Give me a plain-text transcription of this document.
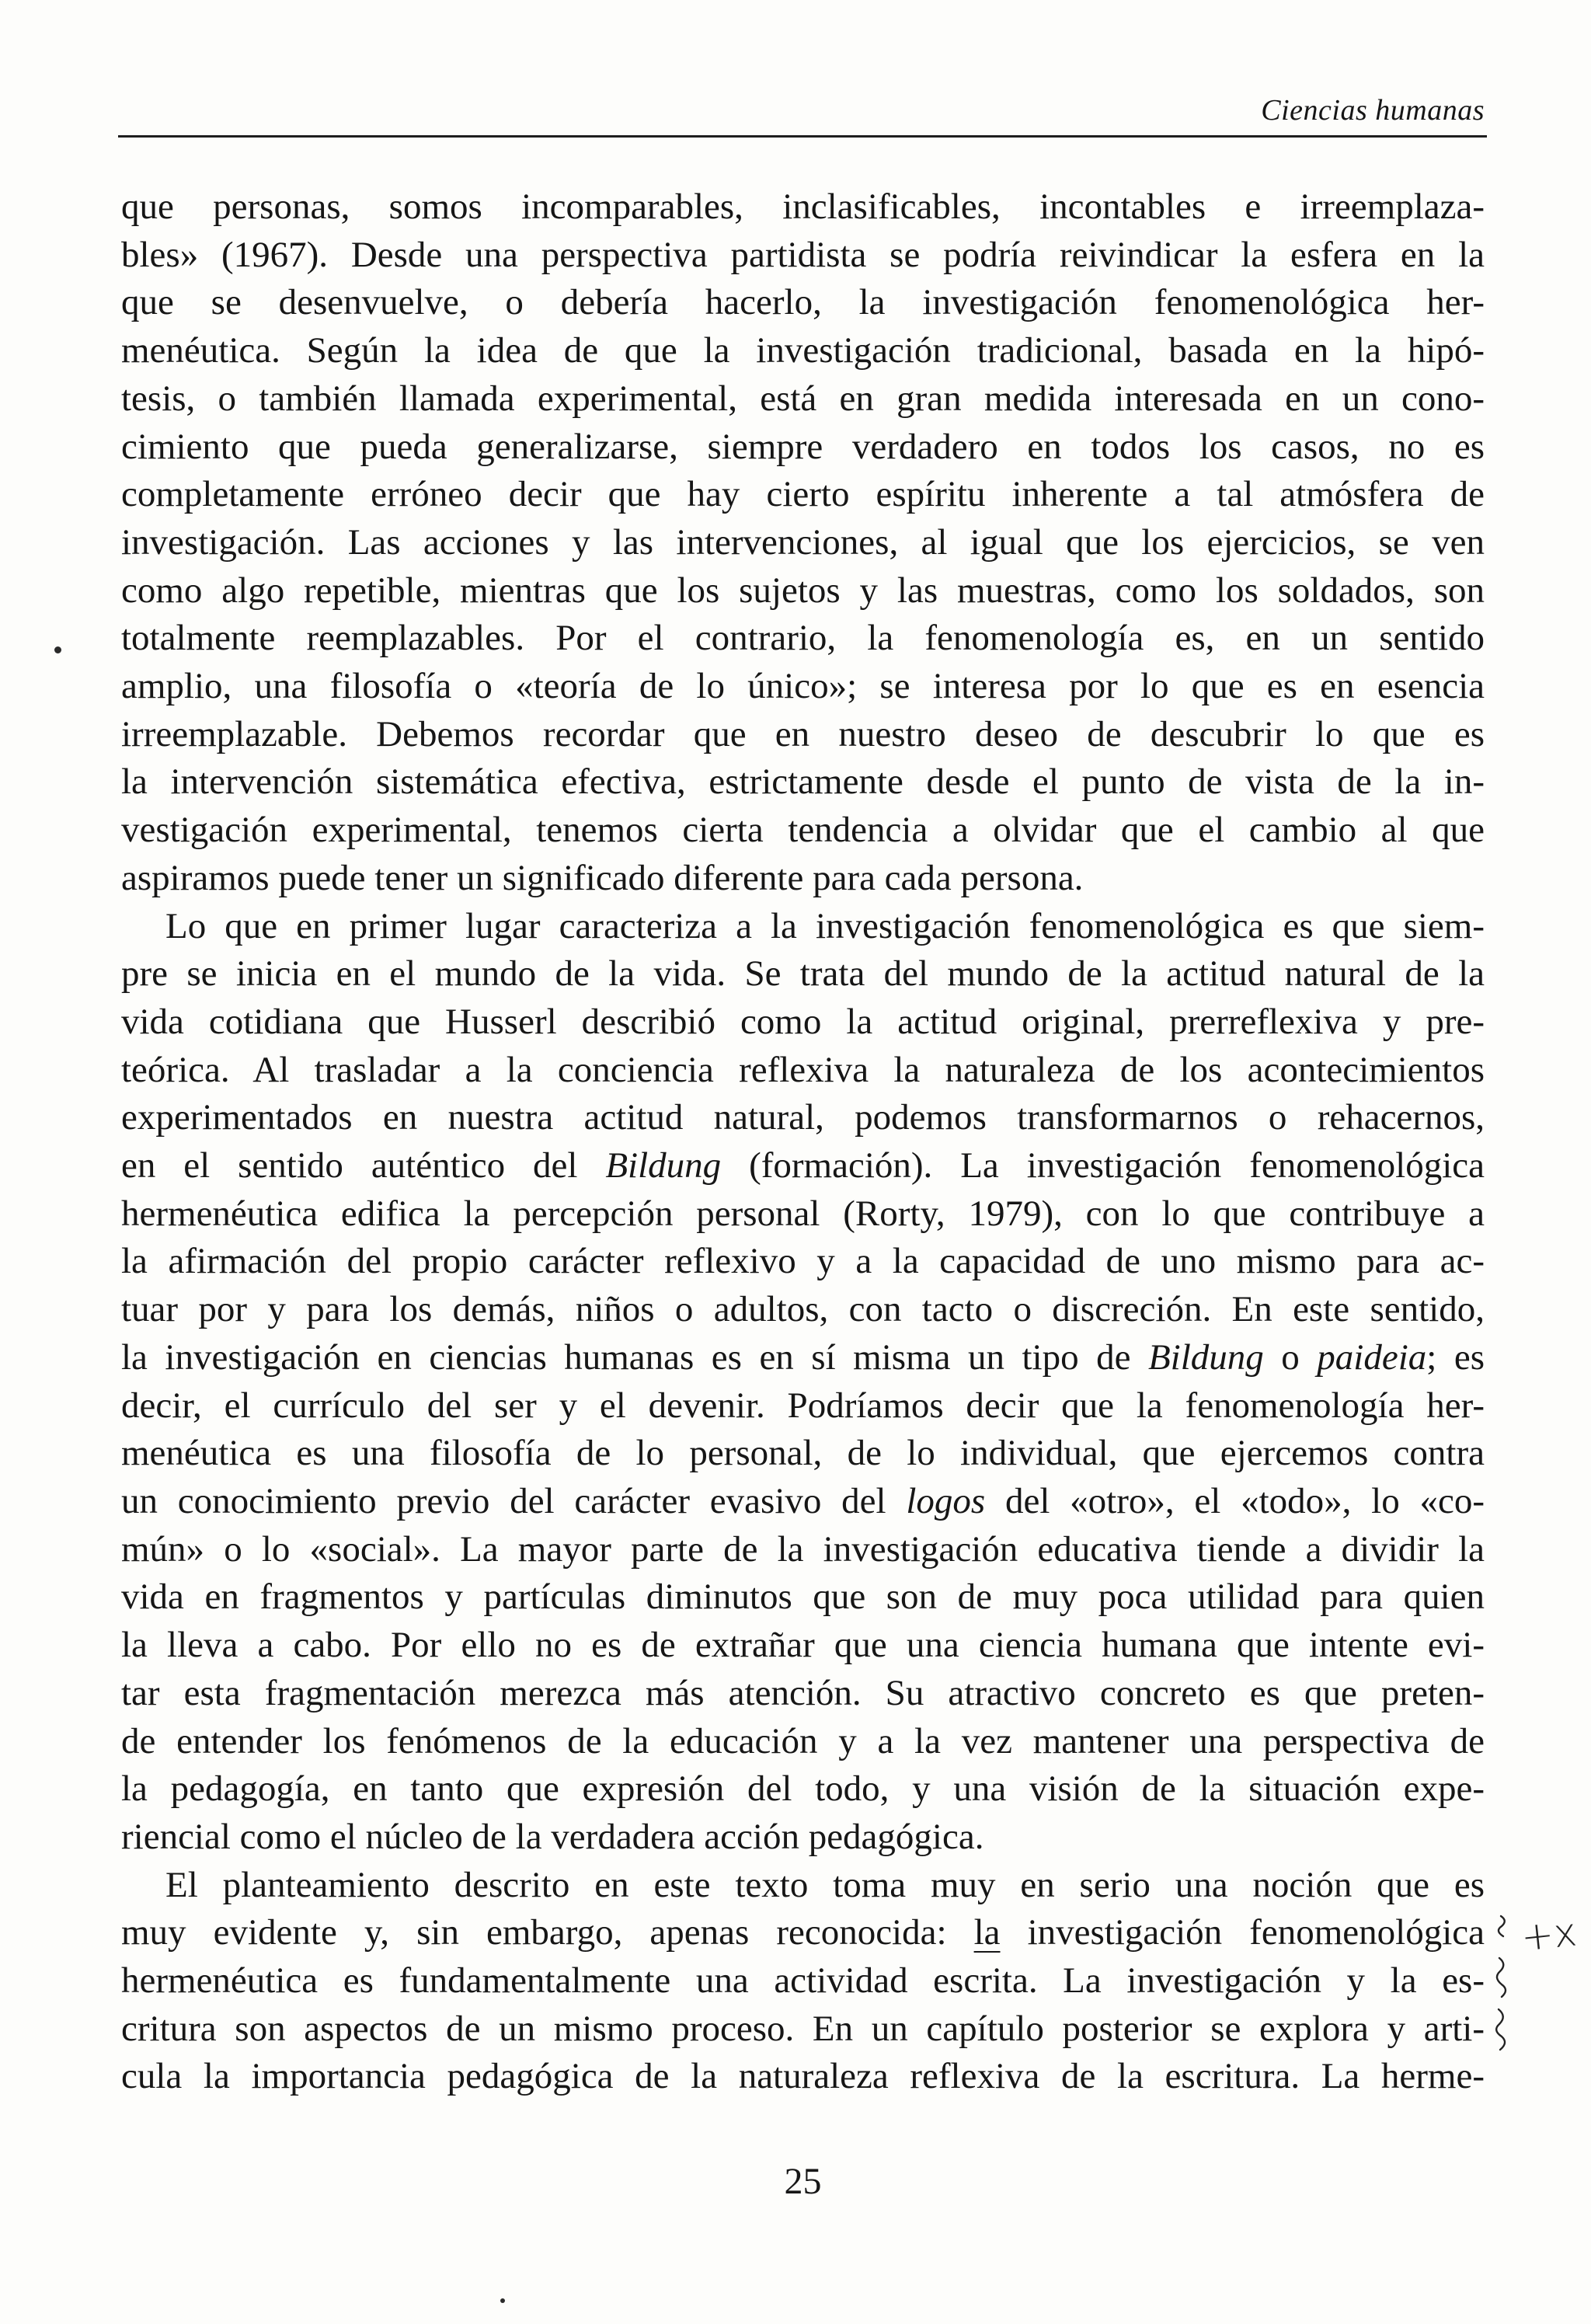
Ciencias humanas
que personas, somos incomparables, inclasificables, incontables e irreemplaza-
bles» (1967). Desde una perspectiva partidista se podría reivindicar la esfera en la
que se desenvuelve, o debería hacerlo, la investigación fenomenológica her-
menéutica. Según la idea de que la investigación tradicional, basada en la hipó-
tesis, o también llamada experimental, está en gran medida interesada en un cono-
cimiento que pueda generalizarse, siempre verdadero en todos los casos, no es
completamente erróneo decir que hay cierto espíritu inherente a tal atmósfera de
investigación. Las acciones y las intervenciones, al igual que los ejercicios, se ven
como algo repetible, mientras que los sujetos y las muestras, como los soldados, son
totalmente reemplazables. Por el contrario, la fenomenología es, en un sentido
amplio, una filosofía o «teoría de lo único»; se interesa por lo que es en esencia
irreemplazable. Debemos recordar que en nuestro deseo de descubrir lo que es
la intervención sistemática efectiva, estrictamente desde el punto de vista de la in-
vestigación experimental, tenemos cierta tendencia a olvidar que el cambio al que
aspiramos puede tener un significado diferente para cada persona.
Lo que en primer lugar caracteriza a la investigación fenomenológica es que siem-
pre se inicia en el mundo de la vida. Se trata del mundo de la actitud natural de la
vida cotidiana que Husserl describió como la actitud original, prerreflexiva y pre-
teórica. Al trasladar a la conciencia reflexiva la naturaleza de los acontecimientos
experimentados en nuestra actitud natural, podemos transformarnos o rehacernos,
en el sentido auténtico del Bildung (formación). La investigación fenomenológica
hermenéutica edifica la percepción personal (Rorty, 1979), con lo que contribuye a
la afirmación del propio carácter reflexivo y a la capacidad de uno mismo para ac-
tuar por y para los demás, niños o adultos, con tacto o discreción. En este sentido,
la investigación en ciencias humanas es en sí misma un tipo de Bildung o paideia; es
decir, el currículo del ser y el devenir. Podríamos decir que la fenomenología her-
menéutica es una filosofía de lo personal, de lo individual, que ejercemos contra
un conocimiento previo del carácter evasivo del logos del «otro», el «todo», lo «co-
mún» o lo «social». La mayor parte de la investigación educativa tiende a dividir la
vida en fragmentos y partículas diminutos que son de muy poca utilidad para quien
la lleva a cabo. Por ello no es de extrañar que una ciencia humana que intente evi-
tar esta fragmentación merezca más atención. Su atractivo concreto es que preten-
de entender los fenómenos de la educación y a la vez mantener una perspectiva de
la pedagogía, en tanto que expresión del todo, y una visión de la situación expe-
riencial como el núcleo de la verdadera acción pedagógica.
El planteamiento descrito en este texto toma muy en serio una noción que es
muy evidente y, sin embargo, apenas reconocida: la investigación fenomenológica
hermenéutica es fundamentalmente una actividad escrita. La investigación y la es-
critura son aspectos de un mismo proceso. En un capítulo posterior se explora y arti-
cula la importancia pedagógica de la naturaleza reflexiva de la escritura. La herme-
+x
25
